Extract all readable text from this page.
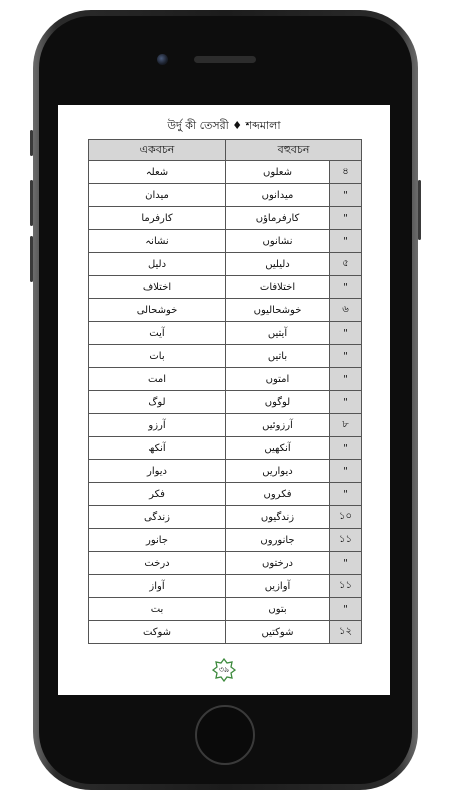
উর্দু কী তেসরী ♦ শব্দমালা
একবচন	বহুবচন	
شعلہ	شعلوں	৪
میدان	میدانوں	"
کارفرما	کارفرماؤں	"
نشانہ	نشانوں	"
دلیل	دلیلیں	৫
اختلاف	اختلافات	"
خوشحالی	خوشحالیوں	৬
آیت	آیتیں	"
بات	باتیں	"
امت	امتوں	"
لوگ	لوگوں	"
آرزو	آرزوئیں	৮
آنکھ	آنکھیں	"
دیوار	دیواریں	"
فکر	فکروں	"
زندگی	زندگیوں	১০
جانور	جانوروں	১১
درخت	درختوں	"
آواز	آوازیں	১১
بت	بتوں	"
شوکت	شوکتیں	১২
৩৯
